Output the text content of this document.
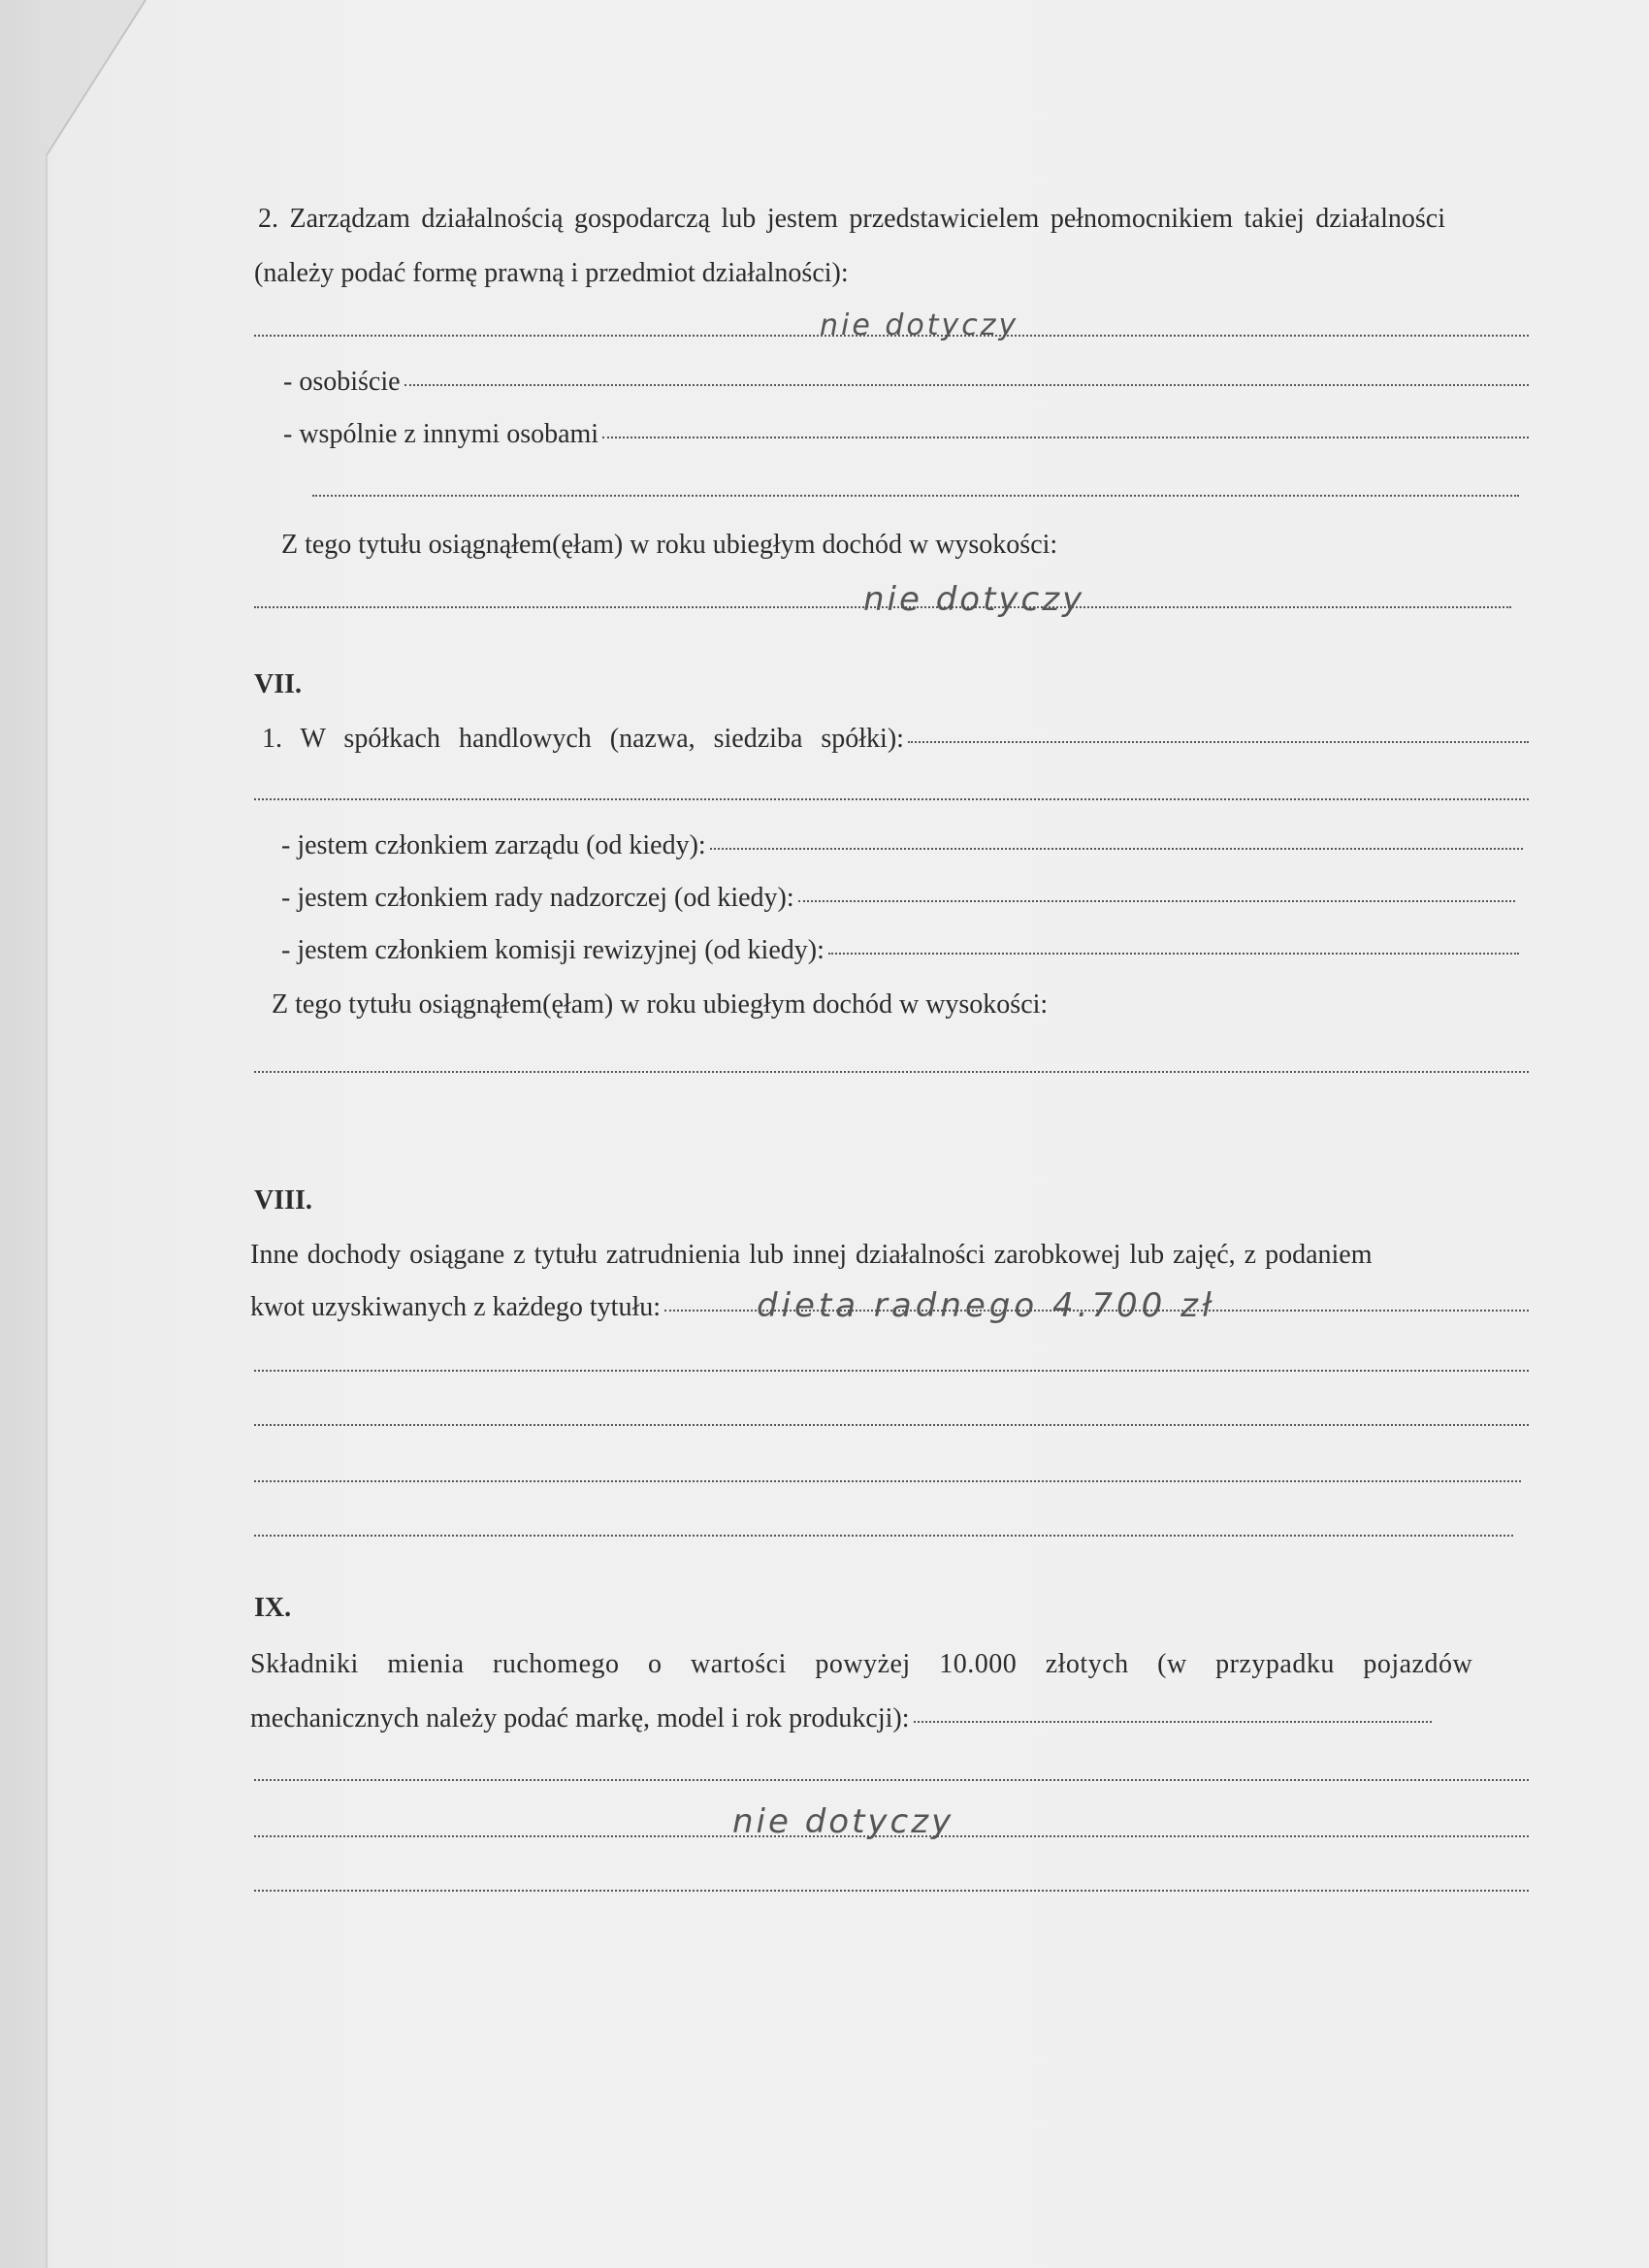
2. Zarządzam działalnością gospodarczą lub jestem przedstawicielem pełnomocnikiem takiej działalności (należy podać formę prawną i przedmiot działalności):
nie dotyczy
- osobiście
- wspólnie z innymi osobami
Z tego tytułu osiągnąłem(ęłam) w roku ubiegłym dochód w wysokości:
nie dotyczy
VII.
1. W spółkach handlowych (nazwa, siedziba spółki):
- jestem członkiem zarządu (od kiedy):
- jestem członkiem rady nadzorczej (od kiedy):
- jestem członkiem komisji rewizyjnej (od kiedy):
Z tego tytułu osiągnąłem(ęłam) w roku ubiegłym dochód w wysokości:
VIII.
Inne dochody osiągane z tytułu zatrudnienia lub innej działalności zarobkowej lub zajęć, z podaniem
kwot uzyskiwanych z każdego tytułu:	dieta radnego 4.700 zł
IX.
Składniki mienia ruchomego o wartości powyżej 10.000 złotych (w przypadku pojazdów
mechanicznych należy podać markę, model i rok produkcji):
nie dotyczy
